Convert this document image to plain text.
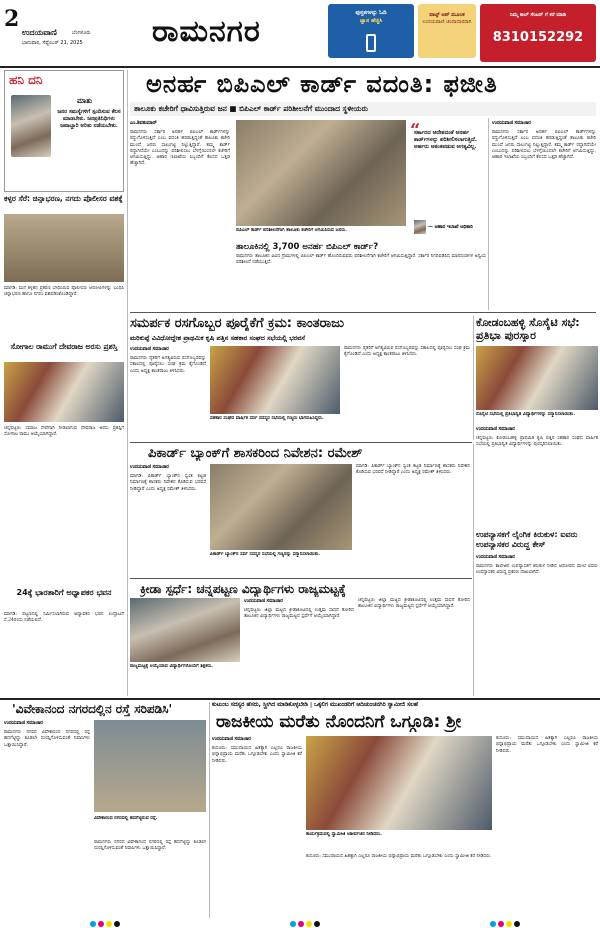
2
ಉದಯವಾಣಿ	ಬೆಂಗಳೂರು
ಭಾನುವಾರ, ಸೆಪ್ಟೆಂಬರ್ 21, 2025 ರಾಮನಗರ
ಪುಸ್ತಕಗಳನ್ನು ಓದಿ
ಜ್ಞಾನ ಹೆಚ್ಚಿಸಿ
ವಾಟ್ಸ್ ಆಪ್ ಮೂಲಕ
ಉದಯವಾಣಿ ಚಂದಾದಾರರಾಗಿ
ನಿಮ್ಮ ಕಾಲ್ ಸೆಂಟರ್ ಗೆ ಕರೆ ಮಾಡಿ
8310152292
ಹನಿ ದನಿ
ಮಾತು
ಜನರ ಸಮಸ್ಯೆಗಳಿಗೆ ಸ್ಪಂದಿಸುವ ಕೆಲಸ ಮಾಡಬೇಕು. ಜನಪ್ರತಿನಿಧಿಗಳು ಜವಾಬ್ದಾರಿ ಅರಿತು ನಡೆಯಬೇಕು.
ಕಳ್ಳರ ಸೆರೆ: ಚಿನ್ನಾಭರಣ, ನಗದು ಪೊಲೀಸರ ವಶಕ್ಕೆ
ಮಾಗಡಿ: ಮನೆ ಕಳ್ಳತನ ಪ್ರಕರಣ ಬೇಧಿಸಿರುವ ಪೊಲೀಸರು ಆರೋಪಿಗಳನ್ನು ಬಂಧಿಸಿ ಚಿನ್ನಾಭರಣ ಹಾಗೂ ನಗದು ವಶಪಡಿಸಿಕೊಂಡಿದ್ದಾರೆ.
ಸೋಗಾಲ ರಾಮುಗೆ ದೇವರಾಜ ಅರಸು ಪ್ರಶಸ್ತಿ
ಚನ್ನಪಟ್ಟಣ: ಸಮಾಜ ಸೇವೆಗಾಗಿ ನೀಡಲಾಗುವ ದೇವರಾಜ ಅರಸು ಪ್ರಶಸ್ತಿಗೆ ಸೋಗಾಲ ರಾಮು ಆಯ್ಕೆಯಾಗಿದ್ದಾರೆ.
24ಕ್ಕೆ ಭಾರತಾರಿಗೆ ಅಧ್ಯಾಪಕರ ಭವನ
ಮಾಗಡಿ: ಪಟ್ಟಣದಲ್ಲಿ ನಿರ್ಮಿಸಲಾಗಿರುವ ಅಧ್ಯಾಪಕರ ಭವನ ಉದ್ಘಾಟನೆ ಸೆ.24ರಂದು ನಡೆಯಲಿದೆ.
ಅನರ್ಹ ಬಿಪಿಎಲ್ ಕಾರ್ಡ್ ವದಂತಿ: ಫಜೀತಿ
ತಾಲೂಕು ಕಚೇರಿಗೆ ಧಾವಿಸುತ್ತಿರುವ ಜನ ■ ಬಿಪಿಎಲ್ ಕಾರ್ಡ್ ಪರಿಶೀಲನೆಗೆ ಮುಂದಾದ ಸ್ಥಳೀಯರು
ಎಂ.ಶಿವಕುಮಾರ್
ರಾಮನಗರ: ಸರ್ಕಾರ ಅನರ್ಹ ಬಿಪಿಎಲ್ ಕಾರ್ಡ್‌ಗಳನ್ನು ರದ್ದುಗೊಳಿಸುತ್ತಿದೆ ಎಂಬ ವದಂತಿ ಹರಡುತ್ತಿದ್ದಂತೆ ತಾಲೂಕು ಕಚೇರಿ ಮುಂದೆ ಜನರು ಸಾಲುಗಟ್ಟಿ ನಿಲ್ಲುತ್ತಿದ್ದಾರೆ. ತಮ್ಮ ಕಾರ್ಡ್ ರದ್ದಾಗಿದೆಯೇ ಎಂಬುದನ್ನು ಪರಿಶೀಲಿಸಲು ಬೆಳಗ್ಗೆಯಿಂದಲೇ ಕಚೇರಿಗೆ ಆಗಮಿಸುತ್ತಿದ್ದು, ಆಹಾರ ಇಲಾಖೆಯ ಸಿಬ್ಬಂದಿಗೆ ಕೆಲಸದ ಒತ್ತಡ ಹೆಚ್ಚಾಗಿದೆ.
ಬಿಪಿಎಲ್ ಕಾರ್ಡ್ ಪರಿಶೀಲನೆಗಾಗಿ ತಾಲೂಕು ಕಚೇರಿಗೆ ಆಗಮಿಸಿರುವ ಜನರು.
“
ಸರ್ಕಾರದ ಆದೇಶದಂತೆ ಅನರ್ಹ ಕಾರ್ಡ್‌ಗಳನ್ನು ಪರಿಶೀಲಿಸಲಾಗುತ್ತಿದೆ. ಅರ್ಹರು ಆತಂಕಪಡುವ ಅಗತ್ಯವಿಲ್ಲ.
— ಆಹಾರ ಇಲಾಖೆ ಅಧಿಕಾರಿ
ತಾಲೂಕಿನಲ್ಲಿ 3,700 ಅನರ್ಹ ಬಿಪಿಎಲ್ ಕಾರ್ಡ್?
ರಾಮನಗರ: ತಾಲೂಕಿನ ವಿವಿಧ ಗ್ರಾಮಗಳಲ್ಲಿ ಬಿಪಿಎಲ್ ಕಾರ್ಡ್ ಹೊಂದಿರುವವರು ಪರಿಶೀಲನೆಗಾಗಿ ಕಚೇರಿಗೆ ಆಗಮಿಸುತ್ತಿದ್ದಾರೆ. ಸರ್ಕಾರ ನಿಗದಿಪಡಿಸಿದ ಮಾನದಂಡಗಳ ಅನ್ವಯ ಪರಿಶೀಲನೆ ನಡೆಯುತ್ತಿದೆ.
ಉದಯವಾಣಿ ಸಮಾಚಾರ
ರಾಮನಗರ: ಸರ್ಕಾರ ಅನರ್ಹ ಬಿಪಿಎಲ್ ಕಾರ್ಡ್‌ಗಳನ್ನು ರದ್ದುಗೊಳಿಸುತ್ತಿದೆ ಎಂಬ ವದಂತಿ ಹರಡುತ್ತಿದ್ದಂತೆ ತಾಲೂಕು ಕಚೇರಿ ಮುಂದೆ ಜನರು ಸಾಲುಗಟ್ಟಿ ನಿಲ್ಲುತ್ತಿದ್ದಾರೆ. ತಮ್ಮ ಕಾರ್ಡ್ ರದ್ದಾಗಿದೆಯೇ ಎಂಬುದನ್ನು ಪರಿಶೀಲಿಸಲು ಬೆಳಗ್ಗೆಯಿಂದಲೇ ಕಚೇರಿಗೆ ಆಗಮಿಸುತ್ತಿದ್ದು, ಆಹಾರ ಇಲಾಖೆಯ ಸಿಬ್ಬಂದಿಗೆ ಕೆಲಸದ ಒತ್ತಡ ಹೆಚ್ಚಾಗಿದೆ.
ಸಮರ್ಪಕ ರಸಗೊಬ್ಬರ ಪೂರೈಕೆಗೆ ಕ್ರಮ: ಕಾಂತರಾಜು
ಮರಿಕುಪ್ಪೆ ವಿವಿಧೋದ್ದೇಶ ಪ್ರಾಥಮಿಕ ಕೃಷಿ ಪತ್ತಿನ ಸಹಕಾರ ಸಂಘದ ಸಭೆಯಲ್ಲಿ ಭರವಸೆ
ಉದಯವಾಣಿ ಸಮಾಚಾರ
ರಾಮನಗರ: ರೈತರಿಗೆ ಅಗತ್ಯವಿರುವ ರಸಗೊಬ್ಬರವನ್ನು ಸಕಾಲದಲ್ಲಿ ಪೂರೈಸಲು ಸಂಘ ಕ್ರಮ ಕೈಗೊಂಡಿದೆ ಎಂದು ಅಧ್ಯಕ್ಷ ಕಾಂತರಾಜು ತಿಳಿಸಿದರು.
ಸಹಕಾರ ಸಂಘದ ವಾರ್ಷಿಕ ಸರ್ವ ಸದಸ್ಯರ ಸಭೆಯಲ್ಲಿ ಗಣ್ಯರು ಭಾಗವಹಿಸಿದ್ದರು.
ರಾಮನಗರ: ರೈತರಿಗೆ ಅಗತ್ಯವಿರುವ ರಸಗೊಬ್ಬರವನ್ನು ಸಕಾಲದಲ್ಲಿ ಪೂರೈಸಲು ಸಂಘ ಕ್ರಮ ಕೈಗೊಂಡಿದೆ ಎಂದು ಅಧ್ಯಕ್ಷ ಕಾಂತರಾಜು ತಿಳಿಸಿದರು.
ಕೋಡಂಬಹಳ್ಳಿ ಸೊಸೈಟಿ ಸಭೆ: ಪ್ರತಿಭಾ ಪುರಸ್ಕಾರ
ಸೊಸೈಟಿ ಸಭೆಯಲ್ಲಿ ಪ್ರತಿಭಾನ್ವಿತ ವಿದ್ಯಾರ್ಥಿಗಳನ್ನು ಸನ್ಮಾನಿಸಲಾಯಿತು.
ಉದಯವಾಣಿ ಸಮಾಚಾರ
ಚನ್ನಪಟ್ಟಣ: ಕೋಡಂಬಹಳ್ಳಿ ಪ್ರಾಥಮಿಕ ಕೃಷಿ ಪತ್ತಿನ ಸಹಕಾರ ಸಂಘದ ವಾರ್ಷಿಕ ಸಭೆಯಲ್ಲಿ ಪ್ರತಿಭಾನ್ವಿತ ವಿದ್ಯಾರ್ಥಿಗಳನ್ನು ಪುರಸ್ಕರಿಸಲಾಯಿತು.
ಪಿಕಾರ್ಡ್ ಬ್ಯಾಂಕ್‌ಗೆ ಶಾಸಕರಿಂದ ನಿವೇಶನ: ರಮೇಶ್
ಉದಯವಾಣಿ ಸಮಾಚಾರ
ಮಾಗಡಿ: ಪಿಕಾರ್ಡ್ ಬ್ಯಾಂಕ್‌ನ ಸ್ವಂತ ಕಟ್ಟಡ ನಿರ್ಮಾಣಕ್ಕೆ ಶಾಸಕರು ನಿವೇಶನ ಕೊಡಿಸುವ ಭರವಸೆ ನೀಡಿದ್ದಾರೆ ಎಂದು ಅಧ್ಯಕ್ಷ ರಮೇಶ್ ತಿಳಿಸಿದರು.
ಪಿಕಾರ್ಡ್ ಬ್ಯಾಂಕ್‌ನ ಸರ್ವ ಸದಸ್ಯರ ಸಭೆಯಲ್ಲಿ ಗಣ್ಯರನ್ನು ಸನ್ಮಾನಿಸಲಾಯಿತು.
ಮಾಗಡಿ: ಪಿಕಾರ್ಡ್ ಬ್ಯಾಂಕ್‌ನ ಸ್ವಂತ ಕಟ್ಟಡ ನಿರ್ಮಾಣಕ್ಕೆ ಶಾಸಕರು ನಿವೇಶನ ಕೊಡಿಸುವ ಭರವಸೆ ನೀಡಿದ್ದಾರೆ ಎಂದು ಅಧ್ಯಕ್ಷ ರಮೇಶ್ ತಿಳಿಸಿದರು.
ಉಪನ್ಯಾಸಕಗೆ ಲೈಂಗಿಕ ಕಿರುಕುಳ: ಐವರು ಉಪನ್ಯಾಸಕರ ವಿರುದ್ಧ ಕೇಸ್
ಉದಯವಾಣಿ ಸಮಾಚಾರ
ರಾಮನಗರ: ಕಾಲೇಜಿನ ಉಪನ್ಯಾಸಕಿಗೆ ಕಿರುಕುಳ ನೀಡಿದ ಆರೋಪದ ಮೇಲೆ ಐವರು ಉಪನ್ಯಾಸಕರ ವಿರುದ್ಧ ಪ್ರಕರಣ ದಾಖಲಾಗಿದೆ.
ಕ್ರೀಡಾ ಸ್ಪರ್ಧೆ: ಚನ್ನಪಟ್ಟಣ ವಿದ್ಯಾರ್ಥಿಗಳು ರಾಜ್ಯಮಟ್ಟಕ್ಕೆ
ರಾಜ್ಯಮಟ್ಟಕ್ಕೆ ಆಯ್ಕೆಯಾದ ವಿದ್ಯಾರ್ಥಿಗಳೊಂದಿಗೆ ಶಿಕ್ಷಕರು.
ಉದಯವಾಣಿ ಸಮಾಚಾರ
ಚನ್ನಪಟ್ಟಣ: ಜಿಲ್ಲಾ ಮಟ್ಟದ ಕ್ರೀಡಾಕೂಟದಲ್ಲಿ ಉತ್ತಮ ಸಾಧನೆ ತೋರಿದ ತಾಲೂಕಿನ ವಿದ್ಯಾರ್ಥಿಗಳು ರಾಜ್ಯಮಟ್ಟದ ಸ್ಪರ್ಧೆಗೆ ಆಯ್ಕೆಯಾಗಿದ್ದಾರೆ.
ಚನ್ನಪಟ್ಟಣ: ಜಿಲ್ಲಾ ಮಟ್ಟದ ಕ್ರೀಡಾಕೂಟದಲ್ಲಿ ಉತ್ತಮ ಸಾಧನೆ ತೋರಿದ ತಾಲೂಕಿನ ವಿದ್ಯಾರ್ಥಿಗಳು ರಾಜ್ಯಮಟ್ಟದ ಸ್ಪರ್ಧೆಗೆ ಆಯ್ಕೆಯಾಗಿದ್ದಾರೆ.
'ವಿವೇಕಾನಂದ ನಗರದಲ್ಲಿನ ರಸ್ತೆ ಸರಿಪಡಿಸಿ'
ಉದಯವಾಣಿ ಸಮಾಚಾರ
ರಾಮನಗರ: ನಗರದ ವಿವೇಕಾನಂದ ನಗರದಲ್ಲಿ ರಸ್ತೆ ಹದಗೆಟ್ಟಿದ್ದು ಕೂಡಲೇ ದುರಸ್ತಿಗೊಳಿಸುವಂತೆ ನಿವಾಸಿಗಳು ಒತ್ತಾಯಿಸಿದ್ದಾರೆ.
ವಿವೇಕಾನಂದ ನಗರದಲ್ಲಿ ಹದಗೆಟ್ಟಿರುವ ರಸ್ತೆ.
ರಾಮನಗರ: ನಗರದ ವಿವೇಕಾನಂದ ನಗರದಲ್ಲಿ ರಸ್ತೆ ಹದಗೆಟ್ಟಿದ್ದು ಕೂಡಲೇ ದುರಸ್ತಿಗೊಳಿಸುವಂತೆ ನಿವಾಸಿಗಳು ಒತ್ತಾಯಿಸಿದ್ದಾರೆ.
ಕುಟುಂಬ ಸದಸ್ಯರ ಹೆಸರು, ಸ್ತ್ರೀಗಿದ ಮಾಡಿಕೊಳ್ಳಬೇಡಿ | ಒಕ್ಕಲಿಗ ಮುಖಂಡರಿಗೆ ಆದಿಚುಂಚನಗಿರಿ ಸ್ವಾಮೀಜಿ ಸಲಹೆ
ರಾಜಕೀಯ ಮರೆತು ನೊಂದನಿಗೆ ಒಗ್ಗೂಡಿ: ಶ್ರೀ
ಉದಯವಾಣಿ ಸಮಾಚಾರ
ಕುದೂರು: ಸಮುದಾಯದ ಹಿತಕ್ಕಾಗಿ ಎಲ್ಲರೂ ರಾಜಕೀಯ ಭಿನ್ನಾಭಿಪ್ರಾಯ ಮರೆತು ಒಗ್ಗೂಡಬೇಕು ಎಂದು ಸ್ವಾಮೀಜಿ ಕರೆ ನೀಡಿದರು.
ಕಾರ್ಯಕ್ರಮದಲ್ಲಿ ಸ್ವಾಮೀಜಿ ಆಶೀರ್ವಚನ ನೀಡಿದರು.
ಕುದೂರು: ಸಮುದಾಯದ ಹಿತಕ್ಕಾಗಿ ಎಲ್ಲರೂ ರಾಜಕೀಯ ಭಿನ್ನಾಭಿಪ್ರಾಯ ಮರೆತು ಒಗ್ಗೂಡಬೇಕು ಎಂದು ಸ್ವಾಮೀಜಿ ಕರೆ ನೀಡಿದರು.
ಕುದೂರು: ಸಮುದಾಯದ ಹಿತಕ್ಕಾಗಿ ಎಲ್ಲರೂ ರಾಜಕೀಯ ಭಿನ್ನಾಭಿಪ್ರಾಯ ಮರೆತು ಒಗ್ಗೂಡಬೇಕು ಎಂದು ಸ್ವಾಮೀಜಿ ಕರೆ ನೀಡಿದರು.
